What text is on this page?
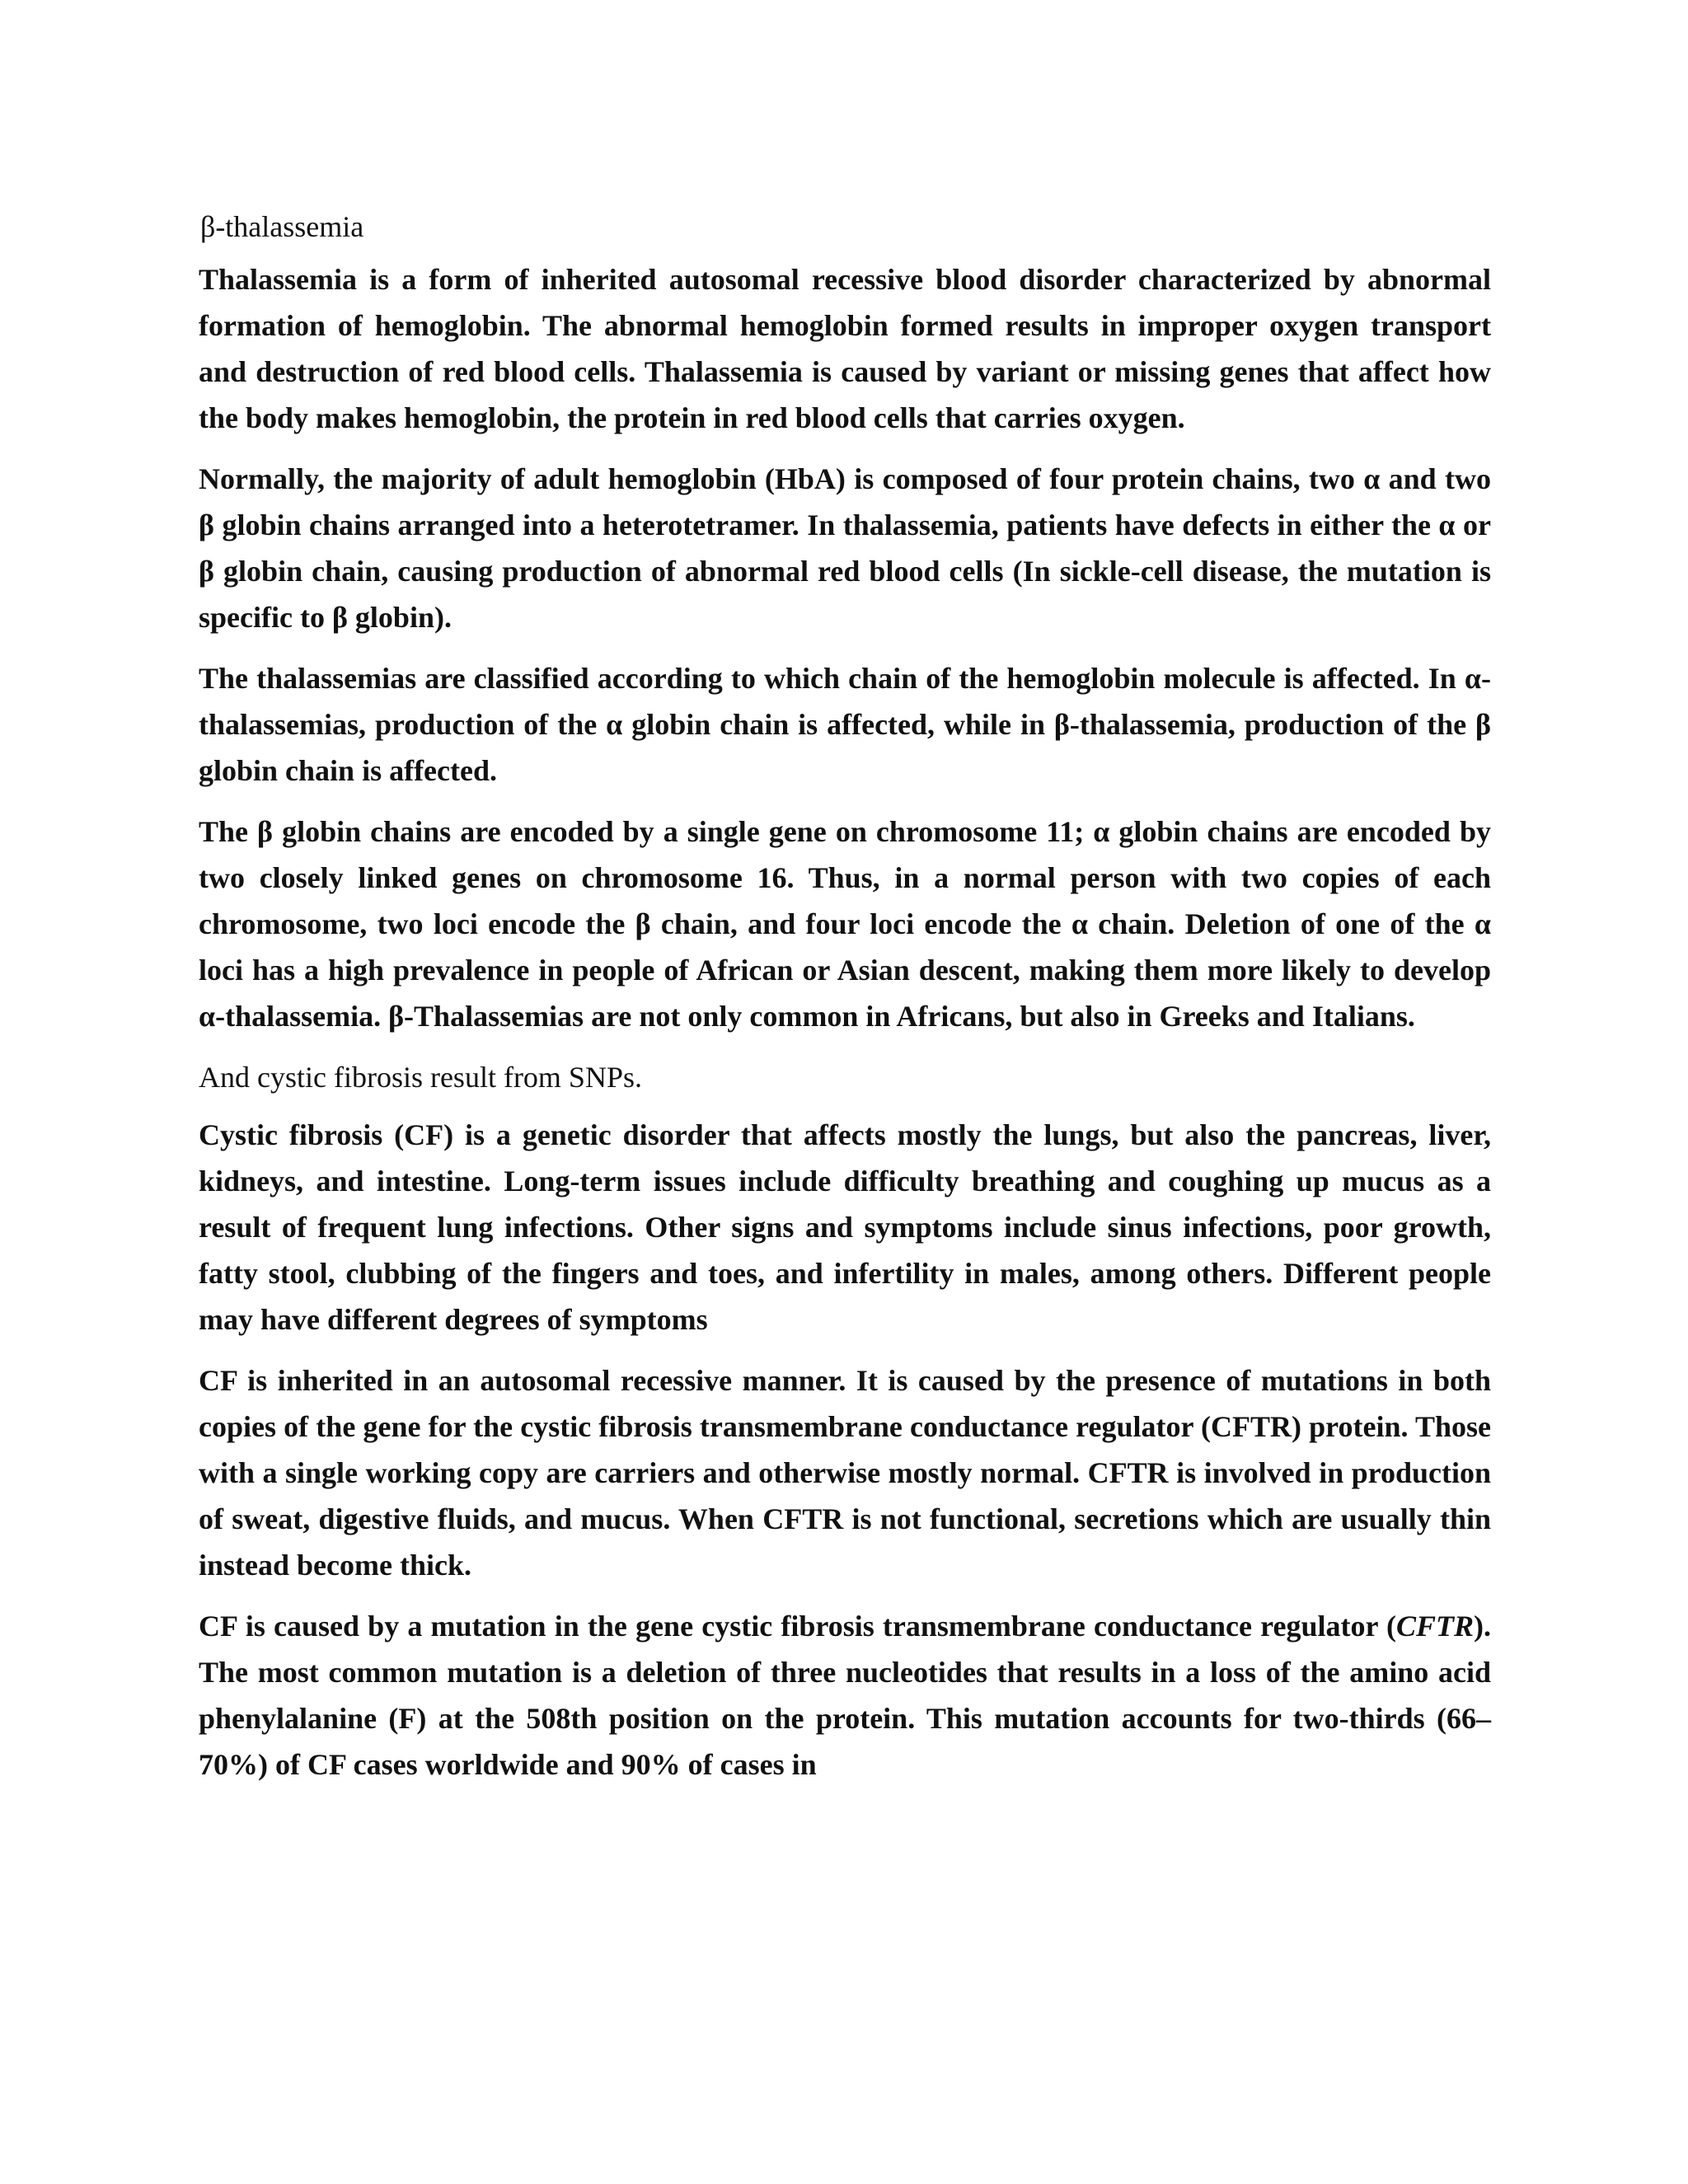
β-thalassemia

Thalassemia is a form of inherited autosomal recessive blood disorder characterized by abnormal formation of hemoglobin. The abnormal hemoglobin formed results in improper oxygen transport and destruction of red blood cells. Thalassemia is caused by variant or missing genes that affect how the body makes hemoglobin, the protein in red blood cells that carries oxygen.

Normally, the majority of adult hemoglobin (HbA) is composed of four protein chains, two α and two β globin chains arranged into a heterotetramer. In thalassemia, patients have defects in either the α or β globin chain, causing production of abnormal red blood cells (In sickle-cell disease, the mutation is specific to β globin).

The thalassemias are classified according to which chain of the hemoglobin molecule is affected. In α-thalassemias, production of the α globin chain is affected, while in β-thalassemia, production of the β globin chain is affected.

The β globin chains are encoded by a single gene on chromosome 11; α globin chains are encoded by two closely linked genes on chromosome 16. Thus, in a normal person with two copies of each chromosome, two loci encode the β chain, and four loci encode the α chain. Deletion of one of the α loci has a high prevalence in people of African or Asian descent, making them more likely to develop α-thalassemia. β-Thalassemias are not only common in Africans, but also in Greeks and Italians.

And cystic fibrosis result from SNPs.

Cystic fibrosis (CF) is a genetic disorder that affects mostly the lungs, but also the pancreas, liver, kidneys, and intestine. Long-term issues include difficulty breathing and coughing up mucus as a result of frequent lung infections. Other signs and symptoms include sinus infections, poor growth, fatty stool, clubbing of the fingers and toes, and infertility in males, among others. Different people may have different degrees of symptoms

CF is inherited in an autosomal recessive manner. It is caused by the presence of mutations in both copies of the gene for the cystic fibrosis transmembrane conductance regulator (CFTR) protein. Those with a single working copy are carriers and otherwise mostly normal. CFTR is involved in production of sweat, digestive fluids, and mucus. When CFTR is not functional, secretions which are usually thin instead become thick.

CF is caused by a mutation in the gene cystic fibrosis transmembrane conductance regulator (CFTR). The most common mutation is a deletion of three nucleotides that results in a loss of the amino acid phenylalanine (F) at the 508th position on the protein. This mutation accounts for two-thirds (66–70%) of CF cases worldwide and 90% of cases in
